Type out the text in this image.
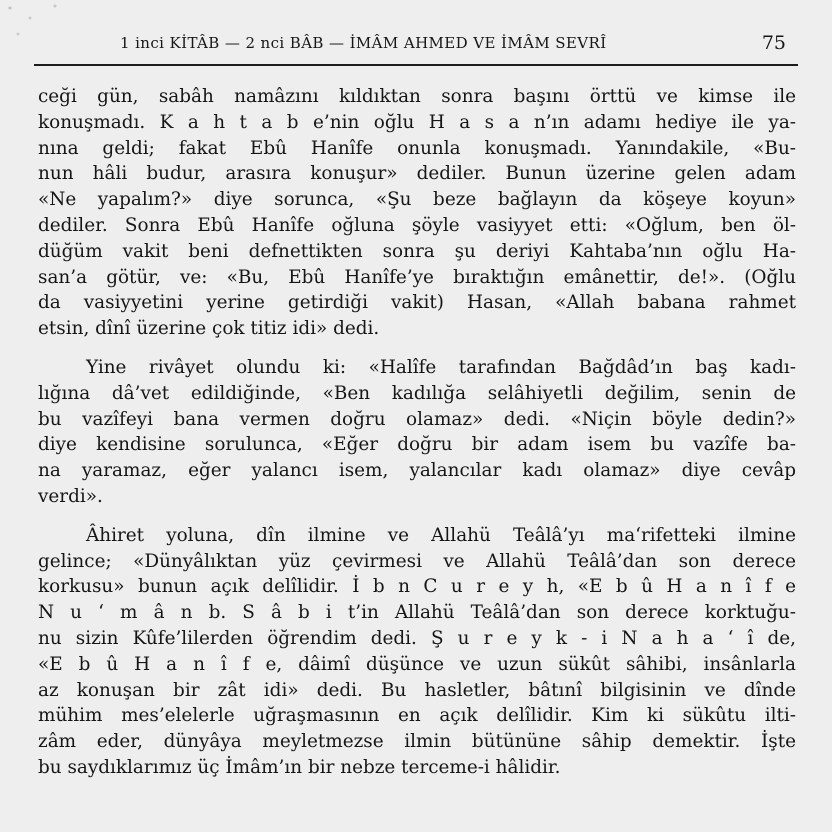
1 inci KİTÂB — 2 nci BÂB — İMÂM AHMED VE İMÂM SEVRÎ	75
ceği gün, sabâh namâzını kıldıktan sonra başını örttü ve kimse ile
konuşmadı. K a h t a b e’nin oğlu H a s a n’ın adamı hediye ile ya-
nına geldi; fakat Ebû Hanîfe onunla konuşmadı. Yanındakile, «Bu-
nun hâli budur, arasıra konuşur» dediler. Bunun üzerine gelen adam
«Ne yapalım?» diye sorunca, «Şu beze bağlayın da köşeye koyun»
dediler. Sonra Ebû Hanîfe oğluna şöyle vasiyyet etti: «Oğlum, ben öl-
düğüm vakit beni defnettikten sonra şu deriyi Kahtaba’nın oğlu Ha-
san’a götür, ve: «Bu, Ebû Hanîfe’ye bıraktığın emânettir, de!». (Oğlu
da vasiyyetini yerine getirdiği vakit) Hasan, «Allah babana rahmet
etsin, dînî üzerine çok titiz idi» dedi.
Yine rivâyet olundu ki: «Halîfe tarafından Bağdâd’ın baş kadı-
lığına dâ’vet edildiğinde, «Ben kadılığa selâhiyetli değilim, senin de
bu vazîfeyi bana vermen doğru olamaz» dedi. «Niçin böyle dedin?»
diye kendisine sorulunca, «Eğer doğru bir adam isem bu vazîfe ba-
na yaramaz, eğer yalancı isem, yalancılar kadı olamaz» diye cevâp
verdi».
Âhiret yoluna, dîn ilmine ve Allahü Teâlâ’yı ma‘rifetteki ilmine
gelince; «Dünyâlıktan yüz çevirmesi ve Allahü Teâlâ’dan son derece
korkusu» bunun açık delîlidir. İ b n C u r e y h, «E b û H a n î f e
N u ‘ m â n b. S â b i t’in Allahü Teâlâ’dan son derece korktuğu-
nu sizin Kûfe’lilerden öğrendim dedi. Ş u r e y k - i N a h a ‘ î de,
«E b û H a n î f e, dâimî düşünce ve uzun sükût sâhibi, insânlarla
az konuşan bir zât idi» dedi. Bu hasletler, bâtınî bilgisinin ve dînde
mühim mes’elelerle uğraşmasının en açık delîlidir. Kim ki sükûtu ilti-
zâm eder, dünyâya meyletmezse ilmin bütününe sâhip demektir. İşte
bu saydıklarımız üç İmâm’ın bir nebze terceme-i hâlidir.
